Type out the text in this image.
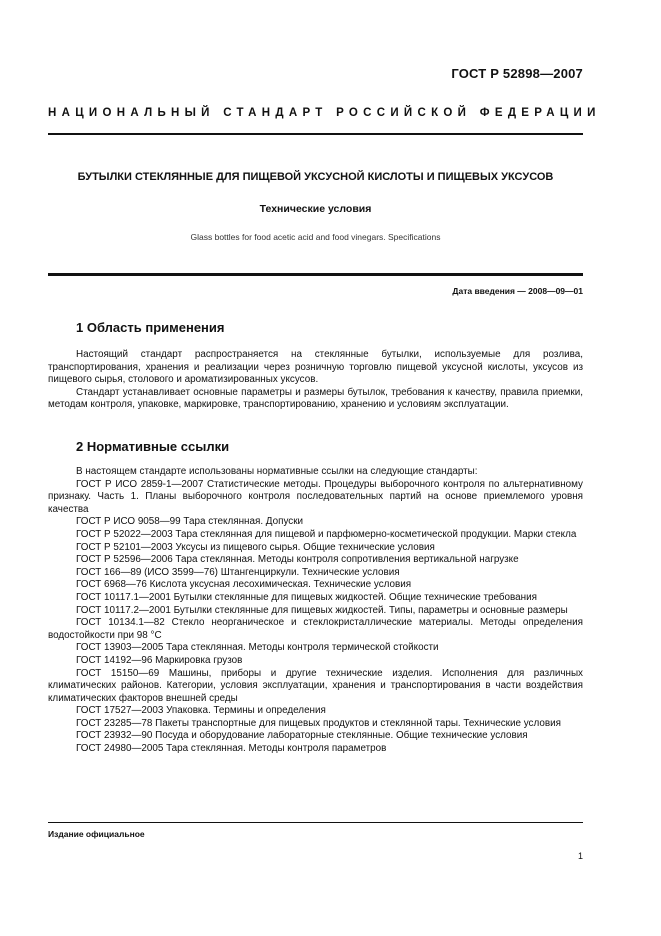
ГОСТ Р 52898—2007
НАЦИОНАЛЬНЫЙ СТАНДАРТ РОССИЙСКОЙ ФЕДЕРАЦИИ
БУТЫЛКИ СТЕКЛЯННЫЕ ДЛЯ ПИЩЕВОЙ УКСУСНОЙ КИСЛОТЫ И ПИЩЕВЫХ УКСУСОВ
Технические условия
Glass bottles for food acetic acid and food vinegars. Specifications
Дата введения — 2008—09—01
1 Область применения

Настоящий стандарт распространяется на стеклянные бутылки, используемые для розлива, транспортирования, хранения и реализации через розничную торговлю пищевой уксусной кислоты, уксусов из пищевого сырья, столового и ароматизированных уксусов.

Стандарт устанавливает основные параметры и размеры бутылок, требования к качеству, правила приемки, методам контроля, упаковке, маркировке, транспортированию, хранению и условиям эксплуатации.

2 Нормативные ссылки

В настоящем стандарте использованы нормативные ссылки на следующие стандарты:

ГОСТ Р ИСО 2859-1—2007 Статистические методы. Процедуры выборочного контроля по альтернативному признаку. Часть 1. Планы выборочного контроля последовательных партий на основе приемлемого уровня качества

ГОСТ Р ИСО 9058—99 Тара стеклянная. Допуски

ГОСТ Р 52022—2003 Тара стеклянная для пищевой и парфюмерно-косметической продукции. Марки стекла

ГОСТ Р 52101—2003 Уксусы из пищевого сырья. Общие технические условия

ГОСТ Р 52596—2006 Тара стеклянная. Методы контроля сопротивления вертикальной нагрузке

ГОСТ 166—89 (ИСО 3599—76) Штангенциркули. Технические условия

ГОСТ 6968—76 Кислота уксусная лесохимическая. Технические условия

ГОСТ 10117.1—2001 Бутылки стеклянные для пищевых жидкостей. Общие технические требования

ГОСТ 10117.2—2001 Бутылки стеклянные для пищевых жидкостей. Типы, параметры и основные размеры

ГОСТ 10134.1—82 Стекло неорганическое и стеклокристаллические материалы. Методы определения водостойкости при 98 °С

ГОСТ 13903—2005 Тара стеклянная. Методы контроля термической стойкости

ГОСТ 14192—96 Маркировка грузов

ГОСТ 15150—69 Машины, приборы и другие технические изделия. Исполнения для различных климатических районов. Категории, условия эксплуатации, хранения и транспортирования в части воздействия климатических факторов внешней среды

ГОСТ 17527—2003 Упаковка. Термины и определения

ГОСТ 23285—78 Пакеты транспортные для пищевых продуктов и стеклянной тары. Технические условия

ГОСТ 23932—90 Посуда и оборудование лабораторные стеклянные. Общие технические условия

ГОСТ 24980—2005 Тара стеклянная. Методы контроля параметров

Издание официальное
1
